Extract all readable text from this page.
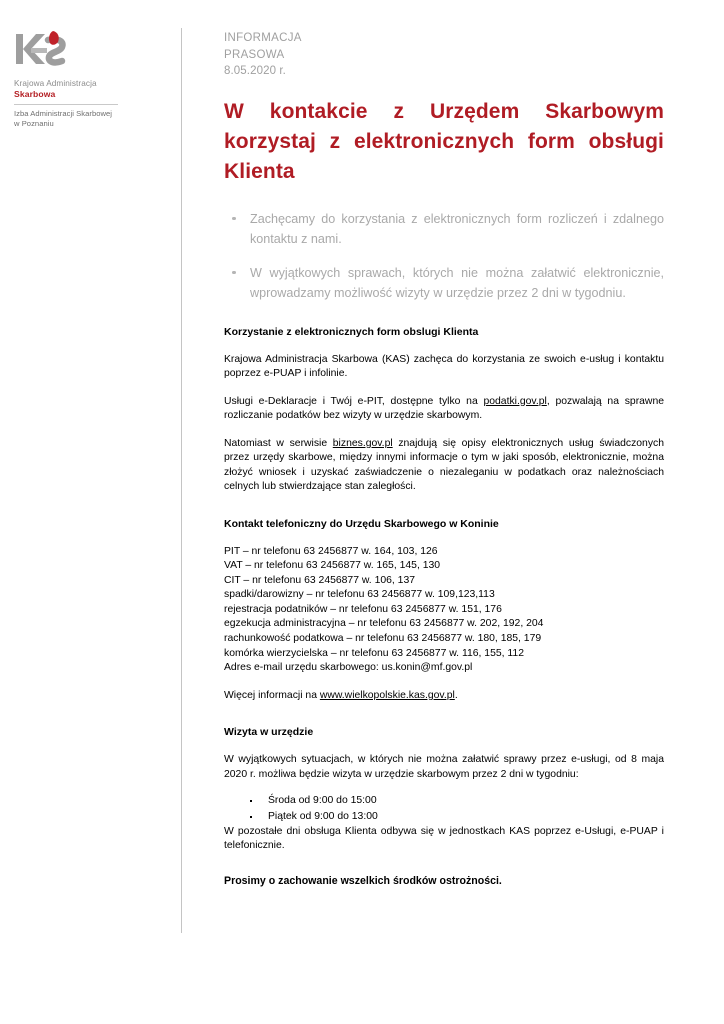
Krajowa Administracja
Skarbowa
Izba Administracji Skarbowej
w Poznaniu
INFORMACJA
PRASOWA
8.05.2020 r.
W kontakcie z Urzędem Skarbowym korzystaj z elektronicznych form obsługi Klienta
Zachęcamy do korzystania z elektronicznych form rozliczeń i zdalnego kontaktu z nami.
W wyjątkowych sprawach, których nie można załatwić elektronicznie, wprowadzamy możliwość wizyty w urzędzie przez 2 dni w tygodniu.
Korzystanie z elektronicznych form obslugi Klienta

Krajowa Administracja Skarbowa (KAS) zachęca do korzystania ze swoich e-usług i kontaktu poprzez e-PUAP i infolinie.

Usługi e-Deklaracje i Twój e-PIT, dostępne tylko na podatki.gov.pl, pozwalają na sprawne rozliczanie podatków bez wizyty w urzędzie skarbowym.

Natomiast w serwisie biznes.gov.pl znajdują się opisy elektronicznych usług świadczonych przez urzędy skarbowe, między innymi informacje o tym w jaki sposób, elektronicznie, można złożyć wniosek i uzyskać zaświadczenie o niezaleganiu w podatkach oraz należnościach celnych lub stwierdzające stan zaległości.

Kontakt telefoniczny do Urzędu Skarbowego w Koninie
PIT – nr telefonu 63 2456877 w. 164, 103, 126
VAT – nr telefonu 63 2456877 w. 165, 145, 130
CIT – nr telefonu 63 2456877 w. 106, 137
spadki/darowizny – nr telefonu 63 2456877 w. 109,123,113
rejestracja podatników – nr telefonu 63 2456877 w. 151, 176
egzekucja administracyjna – nr telefonu 63 2456877 w. 202, 192, 204
rachunkowość podatkowa – nr telefonu 63 2456877 w. 180, 185, 179
komórka wierzycielska – nr telefonu 63 2456877 w. 116, 155, 112
Adres e-mail urzędu skarbowego: us.konin@mf.gov.pl

Więcej informacji na www.wielkopolskie.kas.gov.pl.

Wizyta w urzędzie

W wyjątkowych sytuacjach, w których nie można załatwić sprawy przez e-usługi, od 8 maja 2020 r. możliwa będzie wizyta w urzędzie skarbowym przez 2 dni w tygodniu:

Środa od 9:00 do 15:00
Piątek od 9:00 do 13:00

W pozostałe dni obsługa Klienta odbywa się w jednostkach KAS poprzez e-Usługi, e-PUAP i telefonicznie.

Prosimy o zachowanie wszelkich środków ostrożności.
